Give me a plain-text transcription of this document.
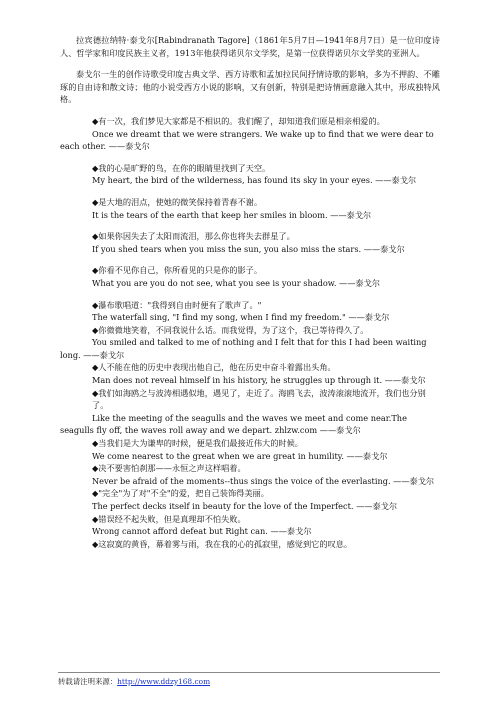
拉宾德拉纳特·泰戈尔[Rabindranath Tagore]（1861年5月7日—1941年8月7日）是一位印度诗人、哲学家和印度民族主义者，1913年他获得诺贝尔文学奖，是第一位获得诺贝尔文学奖的亚洲人。

泰戈尔一生的创作诗歌受印度古典文学、西方诗歌和孟加拉民间抒情诗歌的影响，多为不押韵、不雕琢的自由诗和散文诗；他的小说受西方小说的影响，又有创新，特别是把诗情画意融入其中，形成独特风格。

◆有一次，我们梦见大家都是不相识的。我们醒了，却知道我们原是相亲相爱的。

Once we dreamt that we were strangers. We wake up to find that we were dear to each other. ——泰戈尔

◆我的心是旷野的鸟，在你的眼睛里找到了天空。

My heart, the bird of the wilderness, has found its sky in your eyes. ——泰戈尔

◆是大地的泪点，使她的微笑保持着青春不谢。

It is the tears of the earth that keep her smiles in bloom. ——泰戈尔

◆如果你因失去了太阳而流泪，那么你也将失去群星了。

If you shed tears when you miss the sun, you also miss the stars. ——泰戈尔

◆你看不见你自己，你所看见的只是你的影子。

What you are you do not see, what you see is your shadow. ——泰戈尔

◆瀑布歌唱道："我得到自由时便有了歌声了。"

The waterfall sing, "I find my song, when I find my freedom." ——泰戈尔

◆你微微地笑着，不同我说什么话。而我觉得，为了这个，我已等待得久了。

You smiled and talked to me of nothing and I felt that for this I had been waiting long. ——泰戈尔

◆人不能在他的历史中表现出他自己，他在历史中奋斗着露出头角。

Man does not reveal himself in his history, he struggles up through it. ——泰戈尔

◆我们如海鸥之与波涛相遇似地，遇见了，走近了。海鸥飞去，波涛滚滚地流开，我们也分别了。

Like the meeting of the seagulls and the waves we meet and come near.The seagulls fly off, the waves roll away and we depart. zhlzw.com ——泰戈尔

◆当我们是大为谦卑的时候，便是我们最接近伟大的时候。

We come nearest to the great when we are great in humility. ——泰戈尔

◆决不要害怕刹那——永恒之声这样唱着。

Never be afraid of the moments--thus sings the voice of the everlasting. ——泰戈尔

◆"完全"为了对"不全"的爱，把自己装饰得美丽。

The perfect decks itself in beauty for the love of the Imperfect. ——泰戈尔

◆错误经不起失败，但是真理却不怕失败。

Wrong cannot afford defeat but Right can. ——泰戈尔

◆这寂寞的黄昏，幕着雾与雨，我在我的心的孤寂里，感觉到它的叹息。

转载请注明来源：http://www.ddzy168.com
